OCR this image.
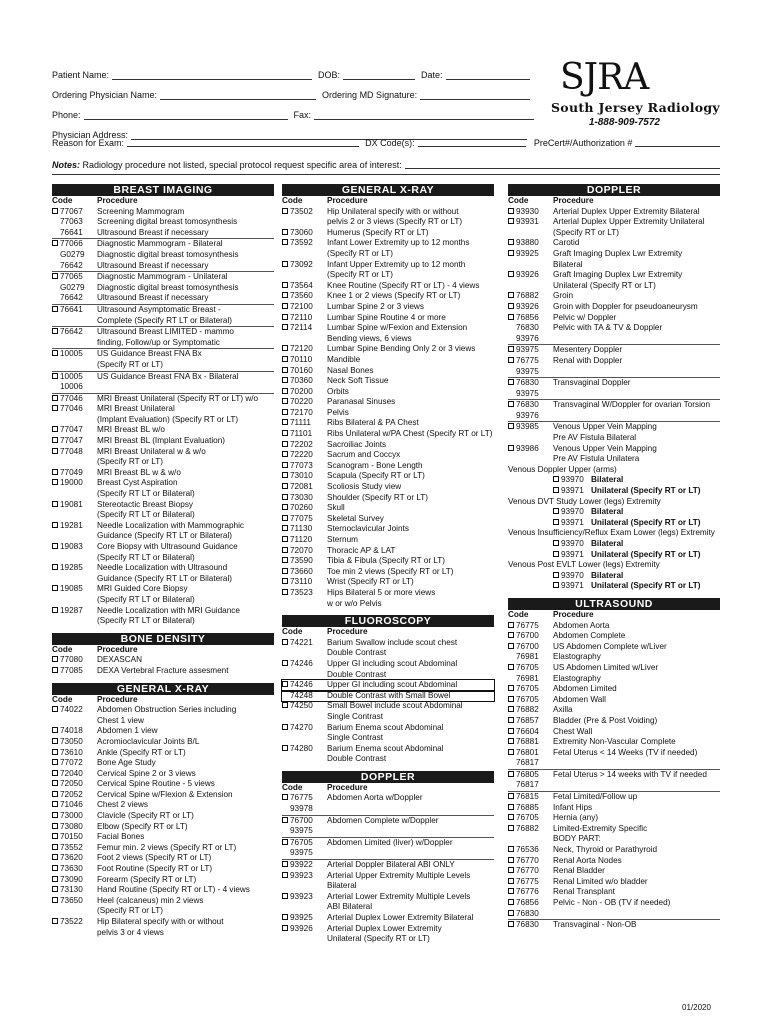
Patient Name:	DOB:	Date:
Ordering Physician Name:	Ordering MD Signature:
Phone:	Fax:
Physician Address:
SJRA
South Jersey Radiology
1-888-909-7572
Reason for Exam:	DX Code(s):	PreCert#/Authorization #
Notes:
Radiology procedure not listed, special protocol request specific area of interest:
BREAST IMAGING
Code	Procedure
77067	Screening Mammogram
77063	Screening digital breast tomosynthesis
76641	Ultrasound Breast if necessary
77066	Diagnostic Mammogram - Bilateral
G0279	Diagnostic digital breast tomosynthesis
76642	Ultrasound Breast if necessary
77065	Diagnostic Mammogram - Unilateral
G0279	Diagnostic digital breast tomosynthesis
76642	Ultrasound Breast if necessary
76641	Ultrasound Asymptomatic Breast -
Complete (Specify RT LT or Bilateral)
76642	Ultrasound Breast LIMITED - mammo
finding, Follow/up or Symptomatic
10005	US Guidance Breast FNA Bx
(Specify RT or LT)
10005	US Guidance Breast FNA Bx - Bilateral
10006
77046	MRI Breast Unilateral (Specify RT or LT) w/o
77046	MRI Breast Unilateral
(Implant Evaluation) (Specify RT or LT)
77047	MRI Breast BL w/o
77047	MRI Breast BL (Implant Evaluation)
77048	MRI Breast Unilateral w & w/o
(Specify RT or LT)
77049	MRI Breast BL w & w/o
19000	Breast Cyst Aspiration
(Specify RT LT or Bilateral)
19081	Stereotactic Breast Biopsy
(Specify RT LT or Bilateral)
19281	Needle Localization with Mammographic
Guidance (Specify RT LT or Bilateral)
19083	Core Biopsy with Ultrasound Guidance
(Specify RT LT or Bilateral)
19285	Needle Localization with Ultrasound
Guidance (Specify RT LT or Bilateral)
19085	MRI Guided Core Biopsy
(Specify RT LT or Bilateral)
19287	Needle Localization with MRI Guidance
(Specify RT LT or Bilateral)
BONE DENSITY
Code	Procedure
77080	DEXASCAN
77085	DEXA Vertebral Fracture assesment
GENERAL X-RAY
Code	Procedure
74022	Abdomen Obstruction Series including
Chest 1 view
74018	Abdomen 1 view
73050	Acromioclavicular Joints B/L
73610	Ankle (Specify RT or LT)
77072	Bone Age Study
72040	Cervical Spine 2 or 3 views
72050	Cervical Spine Routine - 5 views
72052	Cervical Spine w/Flexion & Extension
71046	Chest 2 views
73000	Clavicle (Specify RT or LT)
73080	Elbow (Specify RT or LT)
70150	Facial Bones
73552	Femur min. 2 views (Specify RT or LT)
73620	Foot 2 views (Specify RT or LT)
73630	Foot Routine (Specify RT or LT)
73090	Forearm (Specify RT or LT)
73130	Hand Routine (Specify RT or LT) - 4 views
73650	Heel (calcaneus) min 2 views
(Specify RT or LT)
73522	Hip Bilateral specify with or without
pelvis 3 or 4 views
GENERAL X-RAY
Code	Procedure
73502	Hip Unilateral specify with or without
pelvis 2 or 3 views (Specify RT or LT)
73060	Humerus (Specify RT or LT)
73592	Infant Lower Extremity up to 12 months
(Specify RT or LT)
73092	Infant Upper Extremity up to 12 month
(Specify RT or LT)
73564	Knee Routine (Specify RT or LT) - 4 views
73560	Knee 1 or 2 views (Specify RT or LT)
72100	Lumbar Spine 2 or 3 views
72110	Lumbar Spine Routine 4 or more
72114	Lumbar Spine w/Fexion and Extension
Bending views, 6 views
72120	Lumbar Spine Bending Only 2 or 3 views
70110	Mandible
70160	Nasal Bones
70360	Neck Soft Tissue
70200	Orbits
70220	Paranasal Sinuses
72170	Pelvis
71111	Ribs Bilateral & PA Chest
71101	Ribs Unilateral w/PA Chest (Specify RT or LT)
72202	Sacroiliac Joints
72220	Sacrum and Coccyx
77073	Scanogram - Bone Length
73010	Scapula (Specify RT or LT)
72081	Scoliosis Study view
73030	Shoulder (Specify RT or LT)
70260	Skull
77075	Skeletal Survey
71130	Sternoclavicular Joints
71120	Sternum
72070	Thoracic AP & LAT
73590	Tibia & Fibula (Specify RT or LT)
73660	Toe min 2 views (Specify RT or LT)
73110	Wrist (Specify RT or LT)
73523	Hips Bilateral 5 or more views
w or w/o Pelvis
FLUOROSCOPY
Code	Procedure
74221	Barium Swallow include scout chest
Double Contrast
74246	Upper GI including scout Abdominal
Double Contrast
74246	Upper GI including scout Abdominal
74248	Double Contrast with Small Bowel
74250	Small Bowel include scout Abdominal
Single Contrast
74270	Barium Enema scout Abdominal
Single Contrast
74280	Barium Enema scout Abdominal
Double Contrast
DOPPLER
Code	Procedure
76775	Abdomen Aorta w/Doppler
93978
76700	Abdomen Complete w/Doppler
93975
76705	Abdomen Limited (liver) w/Doppler
93975
93922	Arterial Doppler Bilateral ABI ONLY
93923	Arterial Upper Extremity Multiple Levels
Bilateral
93923	Arterial Lower Extremity Multiple Levels
ABI Bilateral
93925	Arterial Duplex Lower Extremity Bilateral
93926	Arterial Duplex Lower Extremity
Unilateral (Specify RT or LT)
DOPPLER
Code	Procedure
93930	Arterial Duplex Upper Extremity Bilateral
93931	Arterial Duplex Upper Extremity Unilateral
(Specify RT or LT)
93880	Carotid
93925	Graft Imaging Duplex Lwr Extremity
Bilateral
93926	Graft Imaging Duplex Lwr Extremity
Unilateral (Specify RT or LT)
76882	Groin
93926	Groin with Doppler for pseudoaneurysm
76856	Pelvic w/ Doppler
76830	Pelvic with TA & TV & Doppler
93976
93975	Mesentery Doppler
76775	Renal with Doppler
93975
76830	Transvaginal Doppler
93975
76830	Transvaginal W/Doppler for ovarian Torsion
93976
93985	Venous Upper Vein Mapping
Pre AV Fistula Bilateral
93986	Venous Upper Vein Mapping
Pre AV Fistula Unilatera
Venous Doppler Upper (arms)
93970 Bilateral
93971 Unilateral (Specify RT or LT)
Venous DVT Study Lower (legs) Extremity
93970 Bilateral
93971 Unilateral (Specify RT or LT)
Venous Insufficiency/Reflux Exam Lower (legs) Extremity
93970 Bilateral
93971 Unilateral (Specify RT or LT)
Venous Post EVLT Lower (legs) Extremity
93970 Bilateral
93971 Unilateral (Specify RT or LT)
ULTRASOUND
Code	Procedure
76775	Abdomen Aorta
76700	Abdomen Complete
76700	US Abdomen Complete w/Liver
76981	Elastography
76705	US Abdomen Limited w/Liver
76981	Elastography
76705	Abdomen Limited
76705	Abdomen Wall
76882	Axilla
76857	Bladder (Pre & Post Voiding)
76604	Chest Wall
76881	Extremity Non-Vascular Complete
76801	Fetal Uterus < 14 Weeks (TV if needed)
76817
76805	Fetal Uterus > 14 weeks with TV if needed
76817
76815	Fetal Limited/Follow up
76885	Infant Hips
76705	Hernia (any)
76882	Limited-Extremity Specific
BODY PART:
76536	Neck, Thyroid or Parathyroid
76770	Renal Aorta Nodes
76770	Renal Bladder
76775	Renal Limited w/o bladder
76776	Renal Transplant
76856	Pelvic - Non - OB (TV if needed)
76830
76830	Transvaginal - Non-OB
01/2020
